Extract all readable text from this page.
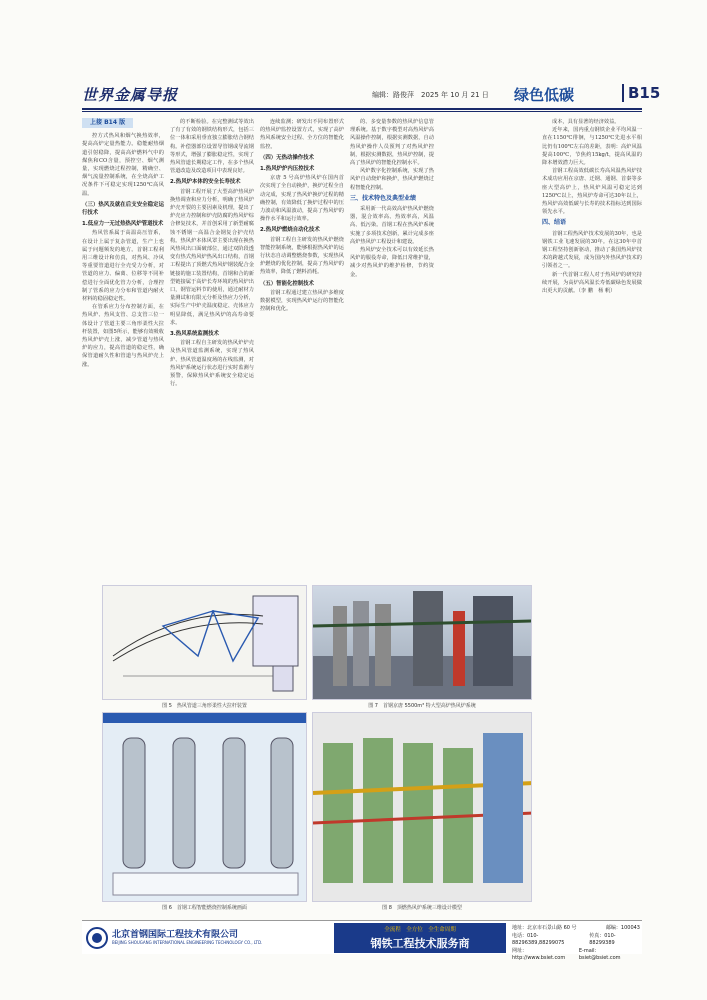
世界金属导报	编辑：路俊萍　2025 年 10 月 21 日 绿色低碳	B15
上接 B14 版

控方式热风和烟气换热效率，提高高炉定量热能力。稳能耐热烟道引射稳降，提高高炉燃料气中的煤焦和CO含量，预控空、烟气测量，实现燃烧过程控制，精确空、烟气流量控制系统，在全烧高炉工况条件下可稳定实现1250℃高风温。

（三）热风及就在后支安全稳定运行技术
1.低应力一无过热热风炉管道技术

热风管系属于高温高压管系，在设计上属于复杂管道，生产上也属于问题频发的地方。首钢工程利用三维设计和仿真，对热风、冷风等重要管道进行全壳受力分析，对管道的应力、偏离、位移等不同补偿进行全面优化管力分析，合理控制了管系的应力分布和管道内耐火材料的稳固稳定性。

在管系应力分布控制方面，在热风炉、热风支管、总支管三位一体设计了管道主要三角形柔性大拉杆装置，如图5所示，能够有效吸收热风炉炉壳上涨，减少管道与热风炉的应力，提高管道的稳定性，确保管道耐久性和管道与热风炉壳上涨。

的不断检验。在完整测试等效出了有了有效的钢铁结构形式，包括三位一体和采用垂直独立膨胀结合钢结构。补偿器部位设置导管钢或导流钢等形式，增强了膨胀稳定性，实现了热风管道长期稳定工作，在多个热风管道改造及改造项目中表现良好。

2.热风炉本体的安全长寿技术

首钢工程开展了大型高炉热风炉换热调查和应力分析，明确了热风炉炉壳开裂的主要因素及机理，提出了炉壳应力控制和炉壳防腐的热风炉综合修复技术，并首创采用了新型耐腐蚀不锈钢一高温合金钢复合护壳结构。热风炉本体风罩主要出现在换热风热风出口面破部位，通过双阶段透变有热式热风炉热风出口结构，首钢工程提出了顶燃式热风炉钢装配合金链接的施工装置结构，首钢和合的新型链接属于高炉长寿环境的热风炉出口，钢管运料节的使用，通过耐材力量测试和有限元分析及热应力分析，实际生产中炉壳温度稳定、壳体应力明显降低，满足热风炉的高寿命要求。

3.热风系统监测技术

首钢工程自主研发的热风炉炉壳及热风管道监测系统，实现了热风炉、热风管道温度场的在线监测，对热风炉系统运行状态进行实时监测与预警，保障热风炉系统安全稳定运行。

连续监测；研发出不同布置形式的热风炉监控设置方式，实现了高炉热风系统安全过程、全方位的智能化监控。

（四）无热动操作技术
1.热风炉炉内压控技术

京唐 5 号高炉热风炉在国内首次实现了全自动换炉，换炉过程全自动完成，实现了热风炉换炉过程的精确控制，有效降低了换炉过程中的压力波动和风温波动，提高了热风炉的操作水平和运行效率。

2.热风炉燃烧自动化技术

首钢工程自主研发的热风炉燃烧智能控制系统，能够根据热风炉的运行状态自动调整燃烧参数，实现热风炉燃烧的优化控制，提高了热风炉的热效率，降低了燃料消耗。

（五）智能化控制技术

首钢工程通过建立热风炉多维度数据模型，实现热风炉运行的智能化控制和优化。

的、多变量参数的热风炉信息管理系统。基于数字模型对高热风炉高风温操作控制，根据实测数据，自动热风炉操作人员预判了对热风炉控制，根据实测数据，热风炉控制，提高了热风炉的智能化控制水平。

风炉数字化控制系统，实现了热风炉自动烧炉和换炉，热风炉燃烧过程智能化控制。

三、技术特色及典型业绩

采用新一代高效高炉热风炉燃烧器，混合效率高、热效率高，风温高、低污染。首钢工程在热风炉系统实施了多项技术创新，累计完成多座高炉热风炉工程设计和建设。

热风炉安全技术可以有效延长热风炉的服役寿命，降低日常维护量，减少对热风炉的维护检修，节约资金。

成本，具有显著的经济效益。

近年来，国内重点钢铁企业平均风温一直在1150℃徘徊，与1250℃先进水平相比仍有100℃左右的差距，表明：高炉风温提高100℃，节焦约15kg/t，提高风温的降本增效潜力巨大。

首钢工程高效低碳长寿高风温热风炉技术成功应用在京唐、迁钢、通钢、首秦等多座大型高炉上，热风炉风温可稳定达到1250℃以上，热风炉寿命可达30年以上，热风炉高效低碳与长寿的技术指标达到国际领先水平。

四、结语

首钢工程热风炉技术发展的30年，也是钢铁工业飞速发展的30年。在这30年中首钢工程坚持创新驱动，推动了我国热风炉技术的跨越式发展，成为国内外热风炉技术的引领者之一。

新一代首钢工程人对于热风炉的研究持续开展，为高炉高风温长寿低碳绿色发展做出更大的贡献。（李 鹏　杨 帆）

图 5　热风管道三角形柔性大拉杆装置	图 7　首钢京唐 5500m³ 特大型高炉热风炉系统
图 6　首钢工程智能燃烧控制系统画面	图 8　顶燃热风炉系统三维设计模型
北京首钢国际工程技术有限公司
BEIJING SHOUGANG INTERNATIONAL ENGINEERING TECHNOLOGY CO., LTD.
全流程　全方位　全生命周期
钢铁工程技术服务商
地址：北京市石景山路 60 号	邮编：100043
电话：010-88296389,88299075
传真：010-88299389
网址：http://www.bsiet.com
E-mail：bsiet@bsiet.com
